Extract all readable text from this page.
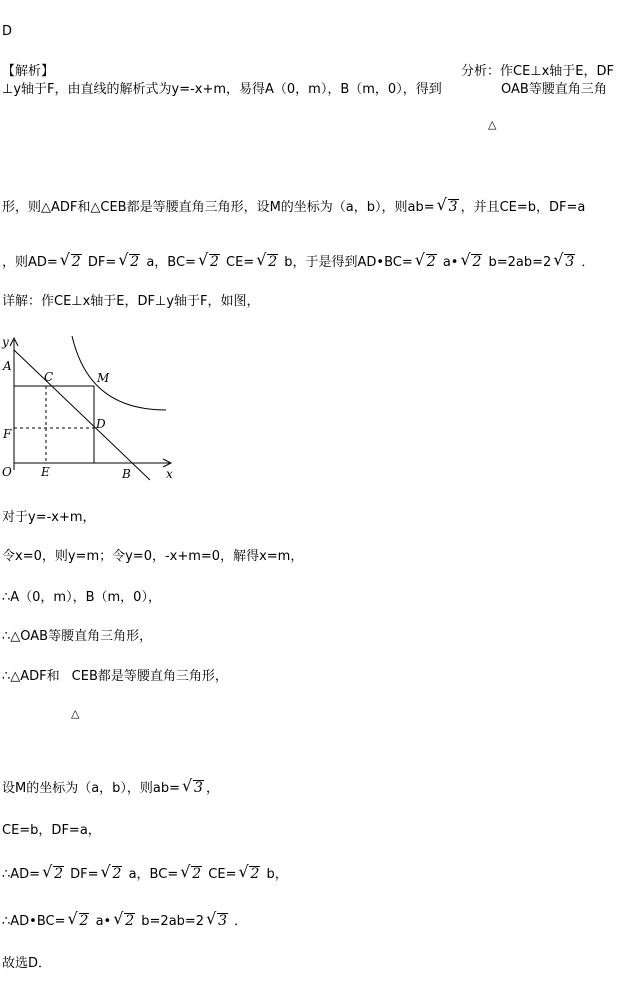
D
【解析】	分析：作CE⊥x轴于E，DF
⊥y轴于F，由直线的解析式为y=-x+m，易得A（0，m），B（m，0），得到	OAB等腰直角三角
△
形，则△ADF和△CEB都是等腰直角三角形，设M的坐标为（a，b），则ab= √ 3 ，并且CE=b，DF=a
，则AD= √ 2 DF= √ 2 a，BC= √ 2 CE= √ 2 b，于是得到AD•BC= √ 2 a• √ 2 b=2ab=2 √ 3 ．
详解：作CE⊥x轴于E，DF⊥y轴于F，如图，
y
x
A
C	M
D
F
O E	B
对于y=-x+m，
令x=0，则y=m；令y=0，-x+m=0，解得x=m，
∴A（0，m），B（m，0），
∴△OAB等腰直角三角形，
∴△ADF和 CEB都是等腰直角三角形，
△
设M的坐标为（a，b），则ab= √ 3 ，
CE=b，DF=a，
∴AD= √ 2 DF= √ 2 a，BC= √ 2 CE= √ 2 b，
∴AD•BC= √ 2 a• √ 2 b=2ab=2 √ 3 ．
故选D．
